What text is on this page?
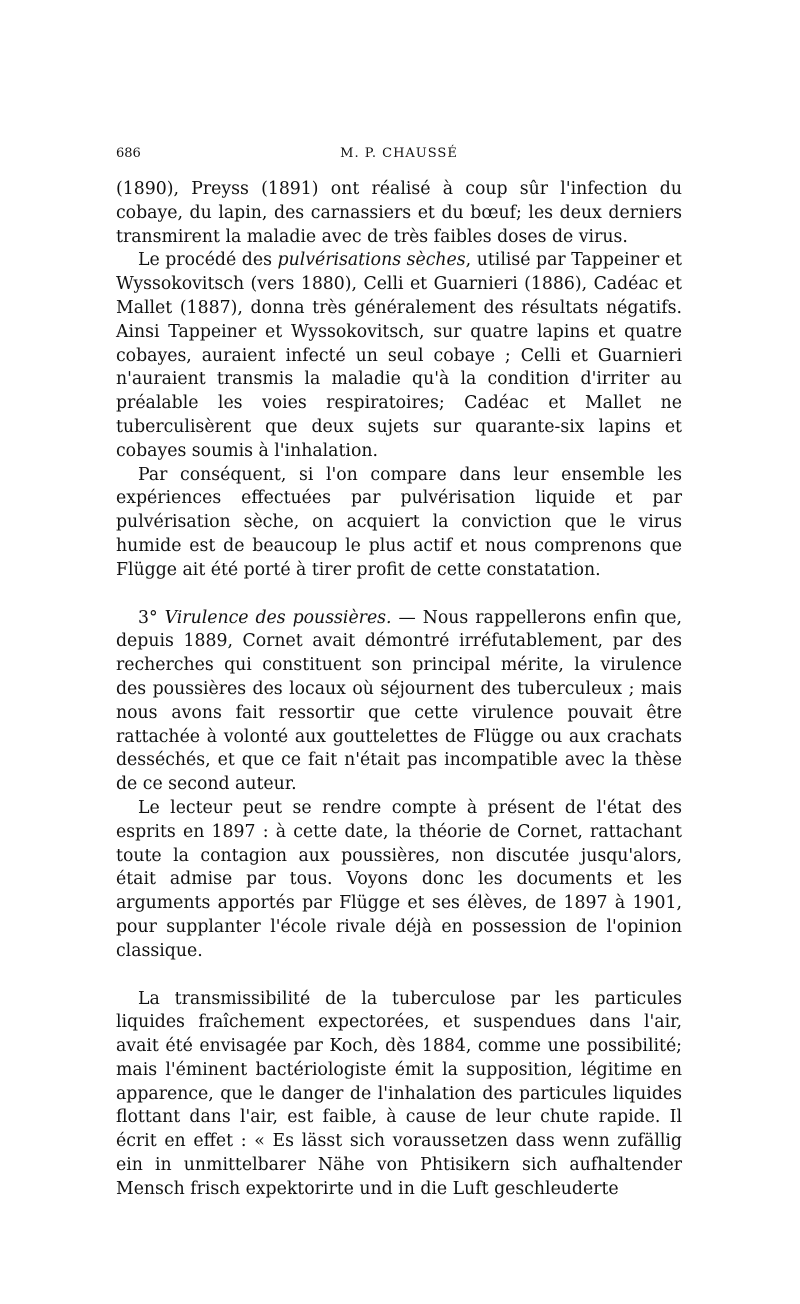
686	M. P. CHAUSSÉ

(1890), Preyss (1891) ont réalisé à coup sûr l'infection du cobaye, du lapin, des carnassiers et du bœuf; les deux derniers transmirent la maladie avec de très faibles doses de virus.

Le procédé des pulvérisations sèches, utilisé par Tappeiner et Wyssokovitsch (vers 1880), Celli et Guarnieri (1886), Cadéac et Mallet (1887), donna très généralement des résultats négatifs. Ainsi Tappeiner et Wyssokovitsch, sur quatre lapins et quatre cobayes, auraient infecté un seul cobaye ; Celli et Guarnieri n'auraient transmis la maladie qu'à la condition d'irriter au préalable les voies respiratoires; Cadéac et Mallet ne tuberculisèrent que deux sujets sur quarante-six lapins et cobayes soumis à l'inhalation.

Par conséquent, si l'on compare dans leur ensemble les expériences effectuées par pulvérisation liquide et par pulvérisation sèche, on acquiert la conviction que le virus humide est de beaucoup le plus actif et nous comprenons que Flügge ait été porté à tirer profit de cette constatation.

3° Virulence des poussières. — Nous rappellerons enfin que, depuis 1889, Cornet avait démontré irréfutablement, par des recherches qui constituent son principal mérite, la virulence des poussières des locaux où séjournent des tuberculeux ; mais nous avons fait ressortir que cette virulence pouvait être rattachée à volonté aux gouttelettes de Flügge ou aux crachats desséchés, et que ce fait n'était pas incompatible avec la thèse de ce second auteur.

Le lecteur peut se rendre compte à présent de l'état des esprits en 1897 : à cette date, la théorie de Cornet, rattachant toute la contagion aux poussières, non discutée jusqu'alors, était admise par tous. Voyons donc les documents et les arguments apportés par Flügge et ses élèves, de 1897 à 1901, pour supplanter l'école rivale déjà en possession de l'opinion classique.

La transmissibilité de la tuberculose par les particules liquides fraîchement expectorées, et suspendues dans l'air, avait été envisagée par Koch, dès 1884, comme une possibilité; mais l'éminent bactériologiste émit la supposition, légitime en apparence, que le danger de l'inhalation des particules liquides flottant dans l'air, est faible, à cause de leur chute rapide. Il écrit en effet : « Es lässt sich voraussetzen dass wenn zufällig ein in unmittelbarer Nähe von Phtisikern sich aufhaltender Mensch frisch expektorirte und in die Luft geschleuderte
